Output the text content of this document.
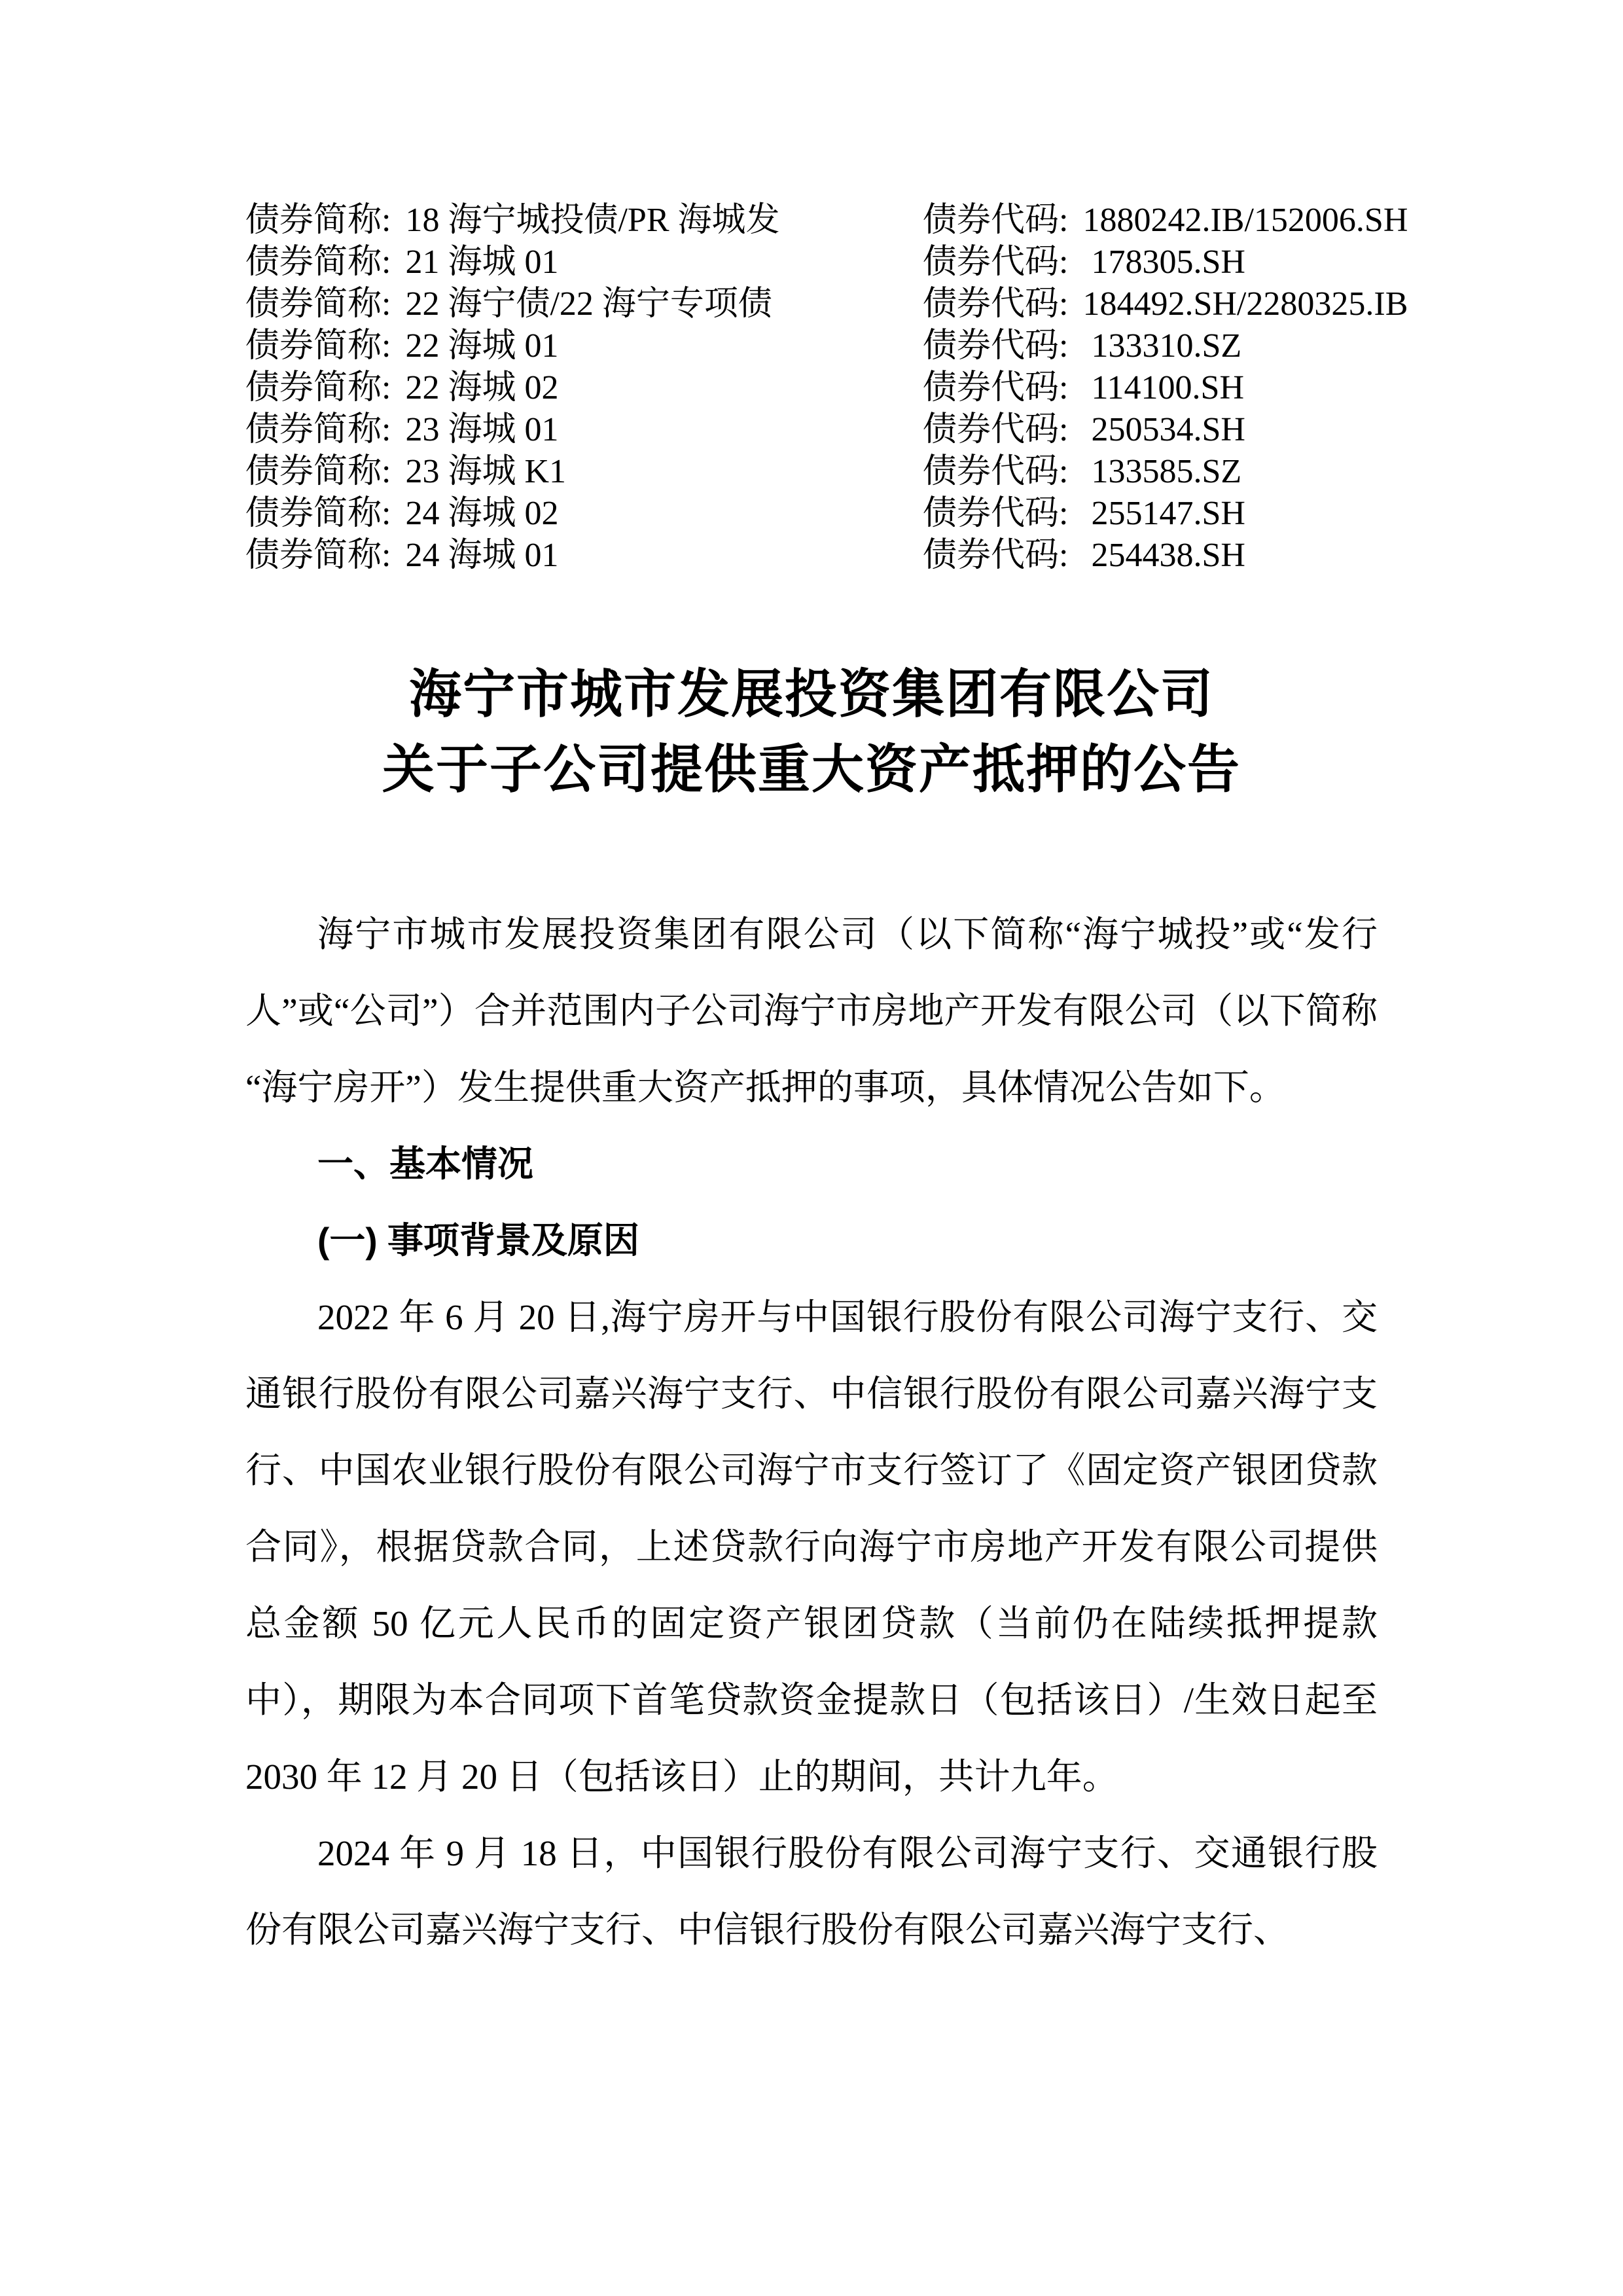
债券简称: 18 海宁城投债/PR 海城发	债券代码: 1880242.IB/152006.SH
债券简称: 21 海城 01	债券代码: 178305.SH
债券简称: 22 海宁债/22 海宁专项债	债券代码: 184492.SH/2280325.IB
债券简称: 22 海城 01	债券代码: 133310.SZ
债券简称: 22 海城 02	债券代码: 114100.SH
债券简称: 23 海城 01	债券代码: 250534.SH
债券简称: 23 海城 K1	债券代码: 133585.SZ
债券简称: 24 海城 02	债券代码: 255147.SH
债券简称: 24 海城 01	债券代码: 254438.SH
海宁市城市发展投资集团有限公司
关于子公司提供重大资产抵押的公告

海宁市城市发展投资集团有限公司（以下简称“海宁城投”或“发行人”或“公司”）合并范围内子公司海宁市房地产开发有限公司（以下简称“海宁房开”）发生提供重大资产抵押的事项，具体情况公告如下。

一、基本情况

(一) 事项背景及原因

2022 年 6 月 20 日,海宁房开与中国银行股份有限公司海宁支行、交通银行股份有限公司嘉兴海宁支行、中信银行股份有限公司嘉兴海宁支行、中国农业银行股份有限公司海宁市支行签订了《固定资产银团贷款合同》，根据贷款合同，上述贷款行向海宁市房地产开发有限公司提供总金额 50 亿元人民币的固定资产银团贷款（当前仍在陆续抵押提款中），期限为本合同项下首笔贷款资金提款日（包括该日）/生效日起至 2030 年 12 月 20 日（包括该日）止的期间，共计九年。

2024 年 9 月 18 日，中国银行股份有限公司海宁支行、交通银行股份有限公司嘉兴海宁支行、中信银行股份有限公司嘉兴海宁支行、
